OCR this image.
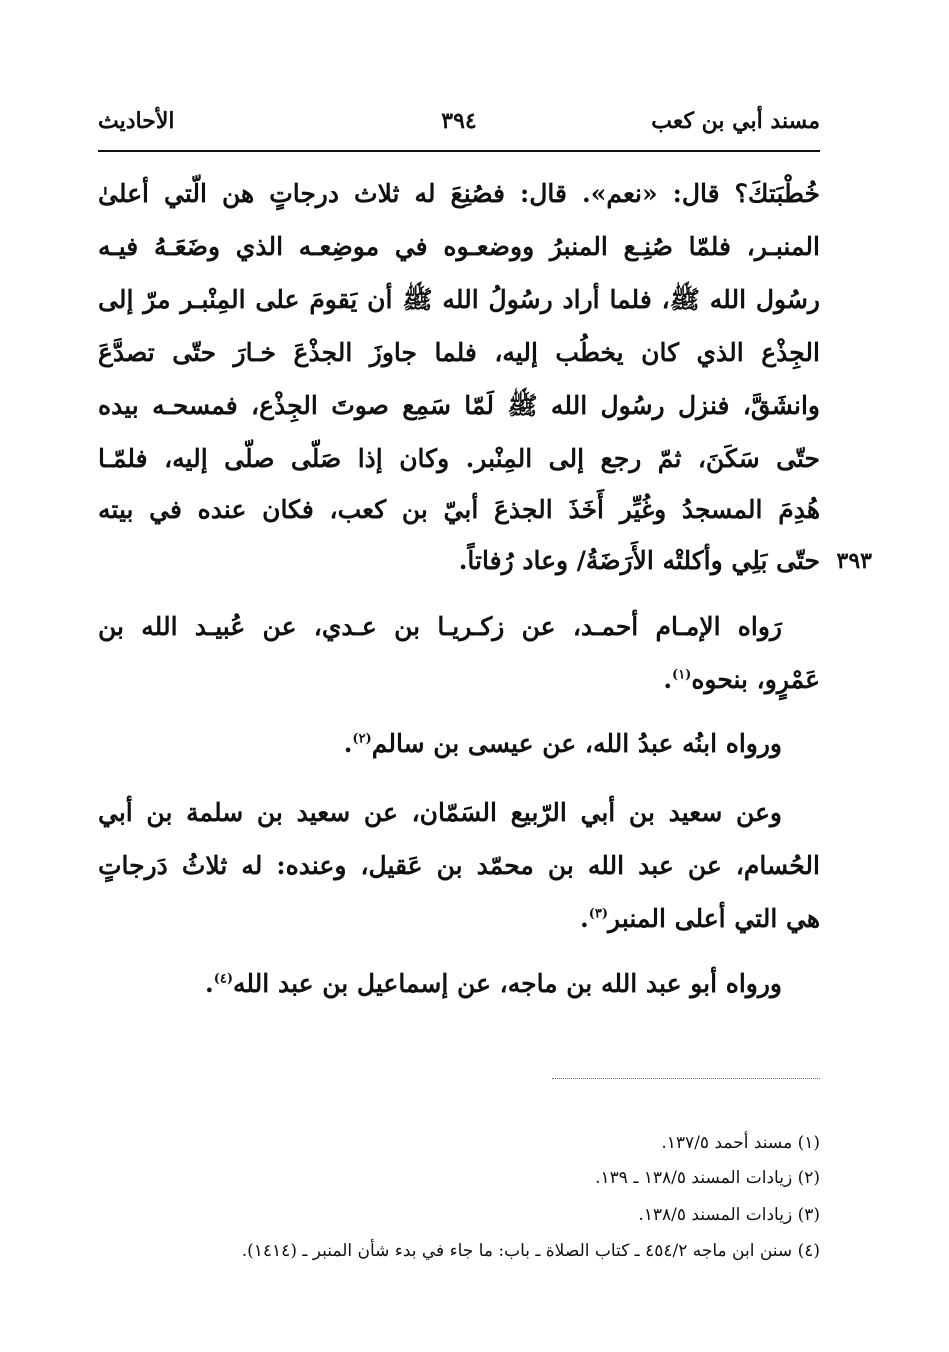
مسند أبي بن كعب
٣٩٤
الأحاديث
خُطْبَتكَ؟ قال: «نعم». قال: فصُنِعَ له ثلاث درجاتٍ هن الّتي أعلىٰ
المنبـر، فلمّا صُنِـع المنبرُ ووضعـوه في موضِعـه الذي وضَعَـهُ فيـه
رسُول الله ﷺ، فلما أراد رسُولُ الله ﷺ أن يَقومَ على المِنْبـر مرّ إلى
الجِذْع الذي كان يخطُب إليه، فلما جاوزَ الجذْعَ خـارَ حتّى تصدَّعَ
وانشَقَّ، فنزل رسُول الله ﷺ لَمّا سَمِع صوتَ الجِذْع، فمسحـه بيده
حتّى سَكَنَ، ثمّ رجع إلى المِنْبر. وكان إذا صَلّى صلّى إليه، فلمّـا
هُدِمَ المسجدُ وغُيِّر أَخَذَ الجذعَ أبيّ بن كعب، فكان عنده في بيته
حتّى بَلِي وأكلتْه الأَرَضَةُ/ وعاد رُفاتاً. ٣٩٣
رَواه الإمـام أحمـد، عن زكـريـا بن عـدي، عن عُبيـد الله بن
عَمْرٍو، بنحوه$^{(١)}$.
ورواه ابنُه عبدُ الله، عن عيسى بن سالم$^{(٢)}$.
وعن سعيد بن أبي الرّبيع السَمّان، عن سعيد بن سلمة بن أبي
الحُسام، عن عبد الله بن محمّد بن عَقيل، وعنده: له ثلاثُ دَرجاتٍ
هي التي أعلى المنبر$^{(٣)}$.
ورواه أبو عبد الله بن ماجه، عن إسماعيل بن عبد الله$^{(٤)}$.
(١) مسند أحمد ١٣٧/٥.
(٢) زيادات المسند ١٣٨/٥ ـ ١٣٩.
(٣) زيادات المسند ١٣٨/٥.
(٤) سنن ابن ماجه ٤٥٤/٢ ـ كتاب الصلاة ـ باب: ما جاء في بدء شأن المنبر ـ (١٤١٤).
